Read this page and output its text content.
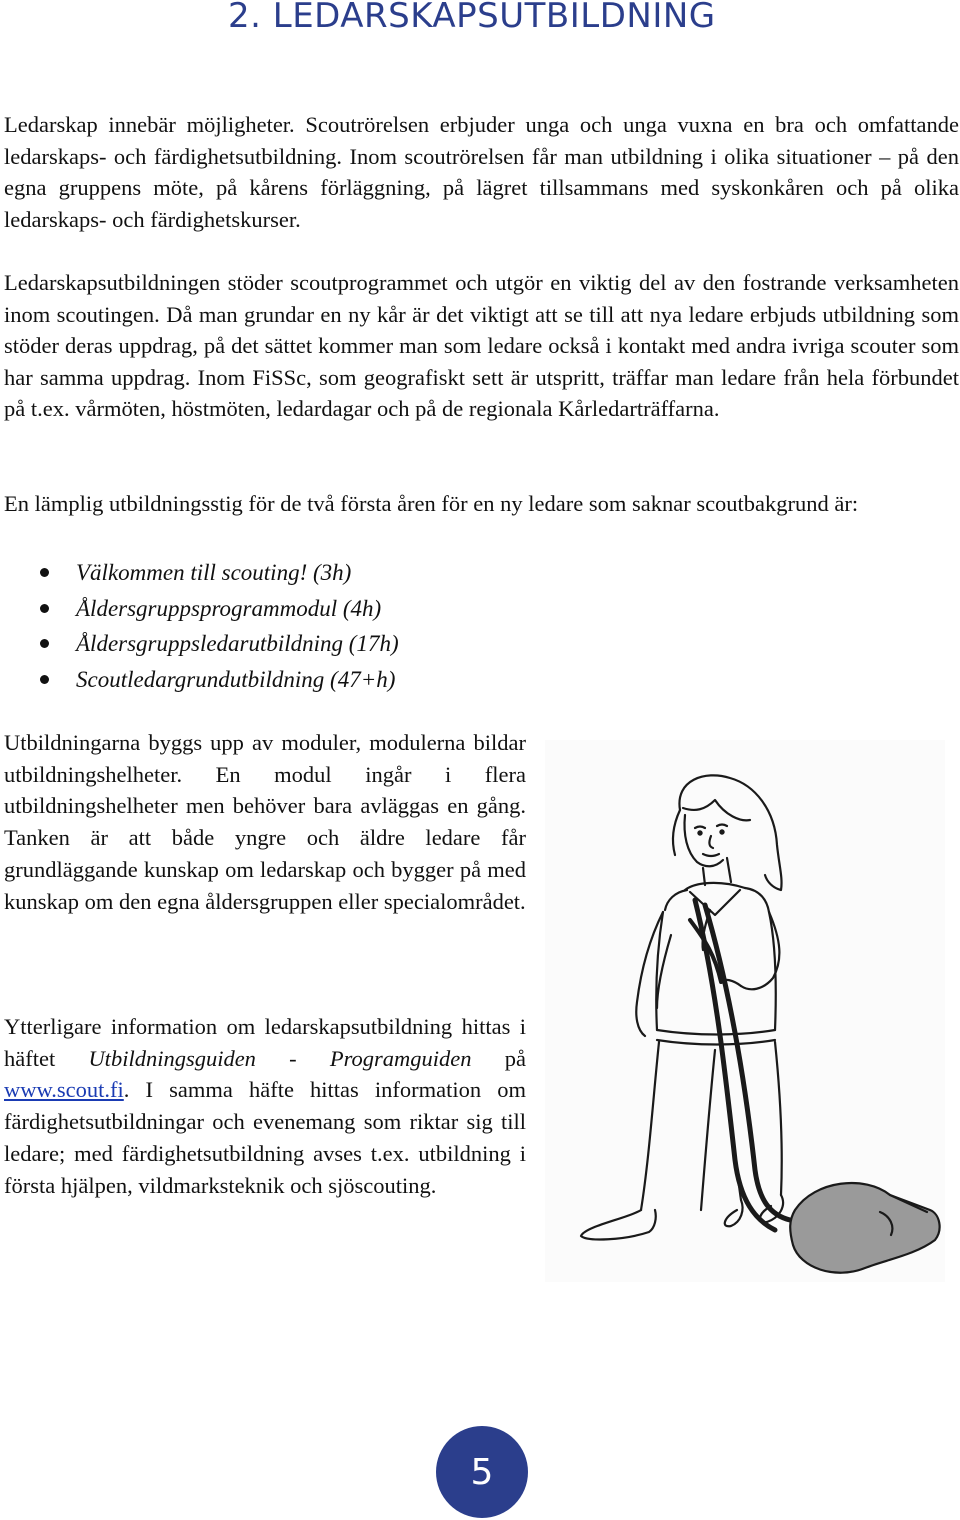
2. LEDARSKAPSUTBILDNING

Ledarskap innebär möjligheter. Scoutrörelsen erbjuder unga och unga vuxna en bra och omfattande ledarskaps- och färdighetsutbildning. Inom scoutrörelsen får man utbildning i olika situationer – på den egna gruppens möte, på kårens förläggning, på lägret tillsammans med syskonkåren och på olika ledarskaps- och färdighetskurser.

Ledarskapsutbildningen stöder scoutprogrammet och utgör en viktig del av den fostrande verksamheten inom scoutingen. Då man grundar en ny kår är det viktigt att se till att nya ledare erbjuds utbildning som stöder deras uppdrag, på det sättet kommer man som ledare också i kontakt med andra ivriga scouter som har samma uppdrag. Inom FiSSc, som geografiskt sett är utspritt, träffar man ledare från hela förbundet på t.ex. vårmöten, höstmöten, ledardagar och på de regionala Kårledarträffarna.

En lämplig utbildningsstig för de två första åren för en ny ledare som saknar scoutbakgrund är:

Välkommen till scouting! (3h)
Åldersgruppsprogrammodul (4h)
Åldersgruppsledarutbildning (17h)
Scoutledargrundutbildning (47+h)

Utbildningarna byggs upp av moduler, modulerna bildar utbildningshelheter. En modul ingår i flera utbildningshelheter men behöver bara avläggas en gång. Tanken är att både yngre och äldre ledare får grundläggande kunskap om ledarskap och bygger på med kunskap om den egna åldersgruppen eller specialområdet.

Ytterligare information om ledarskapsutbildning hittas i häftet Utbildningsguiden - Programguiden på www.scout.fi. I samma häfte hittas information om färdighetsutbildningar och evenemang som riktar sig till ledare; med färdighetsutbildning avses t.ex. utbildning i första hjälpen, vildmarksteknik och sjöscouting.

5
